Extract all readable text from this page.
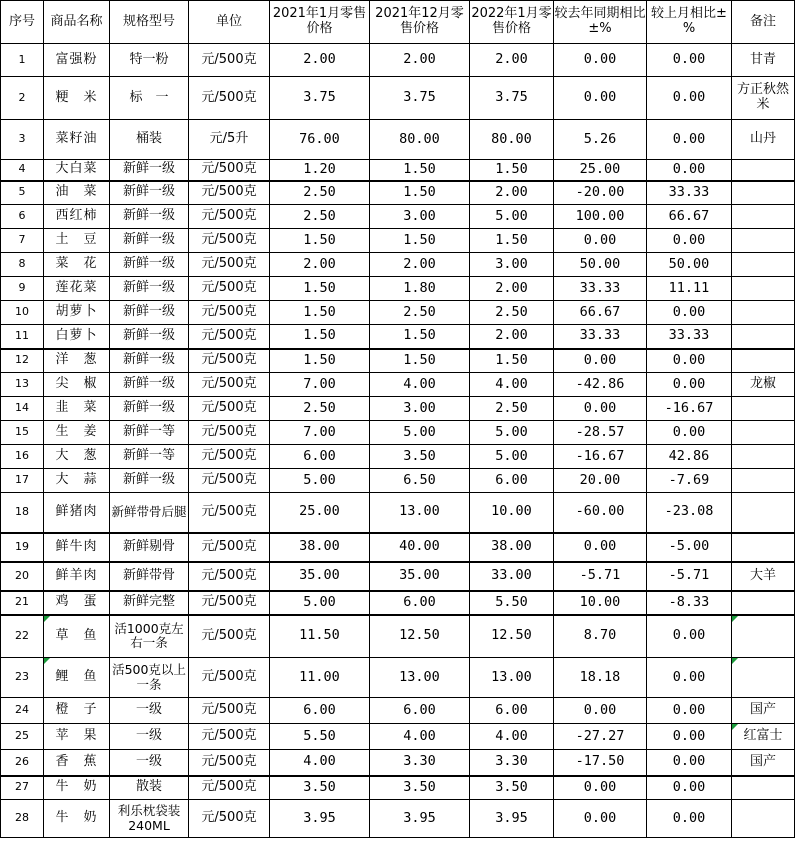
序号	商品名称	规格型号	单位	2021年1月零售价格	2021年12月零售价格	2022年1月零售价格	较去年同期相比±%	较上月相比±%	备注
1	富强粉	特一粉	元/500克	2.00	2.00	2.00	0.00	0.00	甘青
2	粳　米	标　一	元/500克	3.75	3.75	3.75	0.00	0.00	方正秋然米
3	菜籽油	桶装	元/5升	76.00	80.00	80.00	5.26	0.00	山丹
4	大白菜	新鲜一级	元/500克	1.20	1.50	1.50	25.00	0.00	
5	油　菜	新鲜一级	元/500克	2.50	1.50	2.00	-20.00	33.33	
6	西红柿	新鲜一级	元/500克	2.50	3.00	5.00	100.00	66.67	
7	土　豆	新鲜一级	元/500克	1.50	1.50	1.50	0.00	0.00	
8	菜　花	新鲜一级	元/500克	2.00	2.00	3.00	50.00	50.00	
9	莲花菜	新鲜一级	元/500克	1.50	1.80	2.00	33.33	11.11	
10	胡萝卜	新鲜一级	元/500克	1.50	2.50	2.50	66.67	0.00	
11	白萝卜	新鲜一级	元/500克	1.50	1.50	2.00	33.33	33.33	
12	洋　葱	新鲜一级	元/500克	1.50	1.50	1.50	0.00	0.00	
13	尖　椒	新鲜一级	元/500克	7.00	4.00	4.00	-42.86	0.00	龙椒
14	韭　菜	新鲜一级	元/500克	2.50	3.00	2.50	0.00	-16.67	
15	生　姜	新鲜一等	元/500克	7.00	5.00	5.00	-28.57	0.00	
16	大　葱	新鲜一等	元/500克	6.00	3.50	5.00	-16.67	42.86	
17	大　蒜	新鲜一级	元/500克	5.00	6.50	6.00	20.00	-7.69	
18	鲜猪肉	新鲜带骨后腿	元/500克	25.00	13.00	10.00	-60.00	-23.08	
19	鲜牛肉	新鲜剔骨	元/500克	38.00	40.00	38.00	0.00	-5.00	
20	鲜羊肉	新鲜带骨	元/500克	35.00	35.00	33.00	-5.71	-5.71	大羊
21	鸡　蛋	新鲜完整	元/500克	5.00	6.00	5.50	10.00	-8.33	
22	草　鱼	活1000克左右一条	元/500克	11.50	12.50	12.50	8.70	0.00	
23	鲤　鱼	活500克以上一条	元/500克	11.00	13.00	13.00	18.18	0.00	
24	橙　子	一级	元/500克	6.00	6.00	6.00	0.00	0.00	国产
25	苹　果	一级	元/500克	5.50	4.00	4.00	-27.27	0.00	红富士
26	香　蕉	一级	元/500克	4.00	3.30	3.30	-17.50	0.00	国产
27	牛　奶	散装	元/500克	3.50	3.50	3.50	0.00	0.00	
28	牛　奶	利乐枕袋装240ML	元/500克	3.95	3.95	3.95	0.00	0.00	
